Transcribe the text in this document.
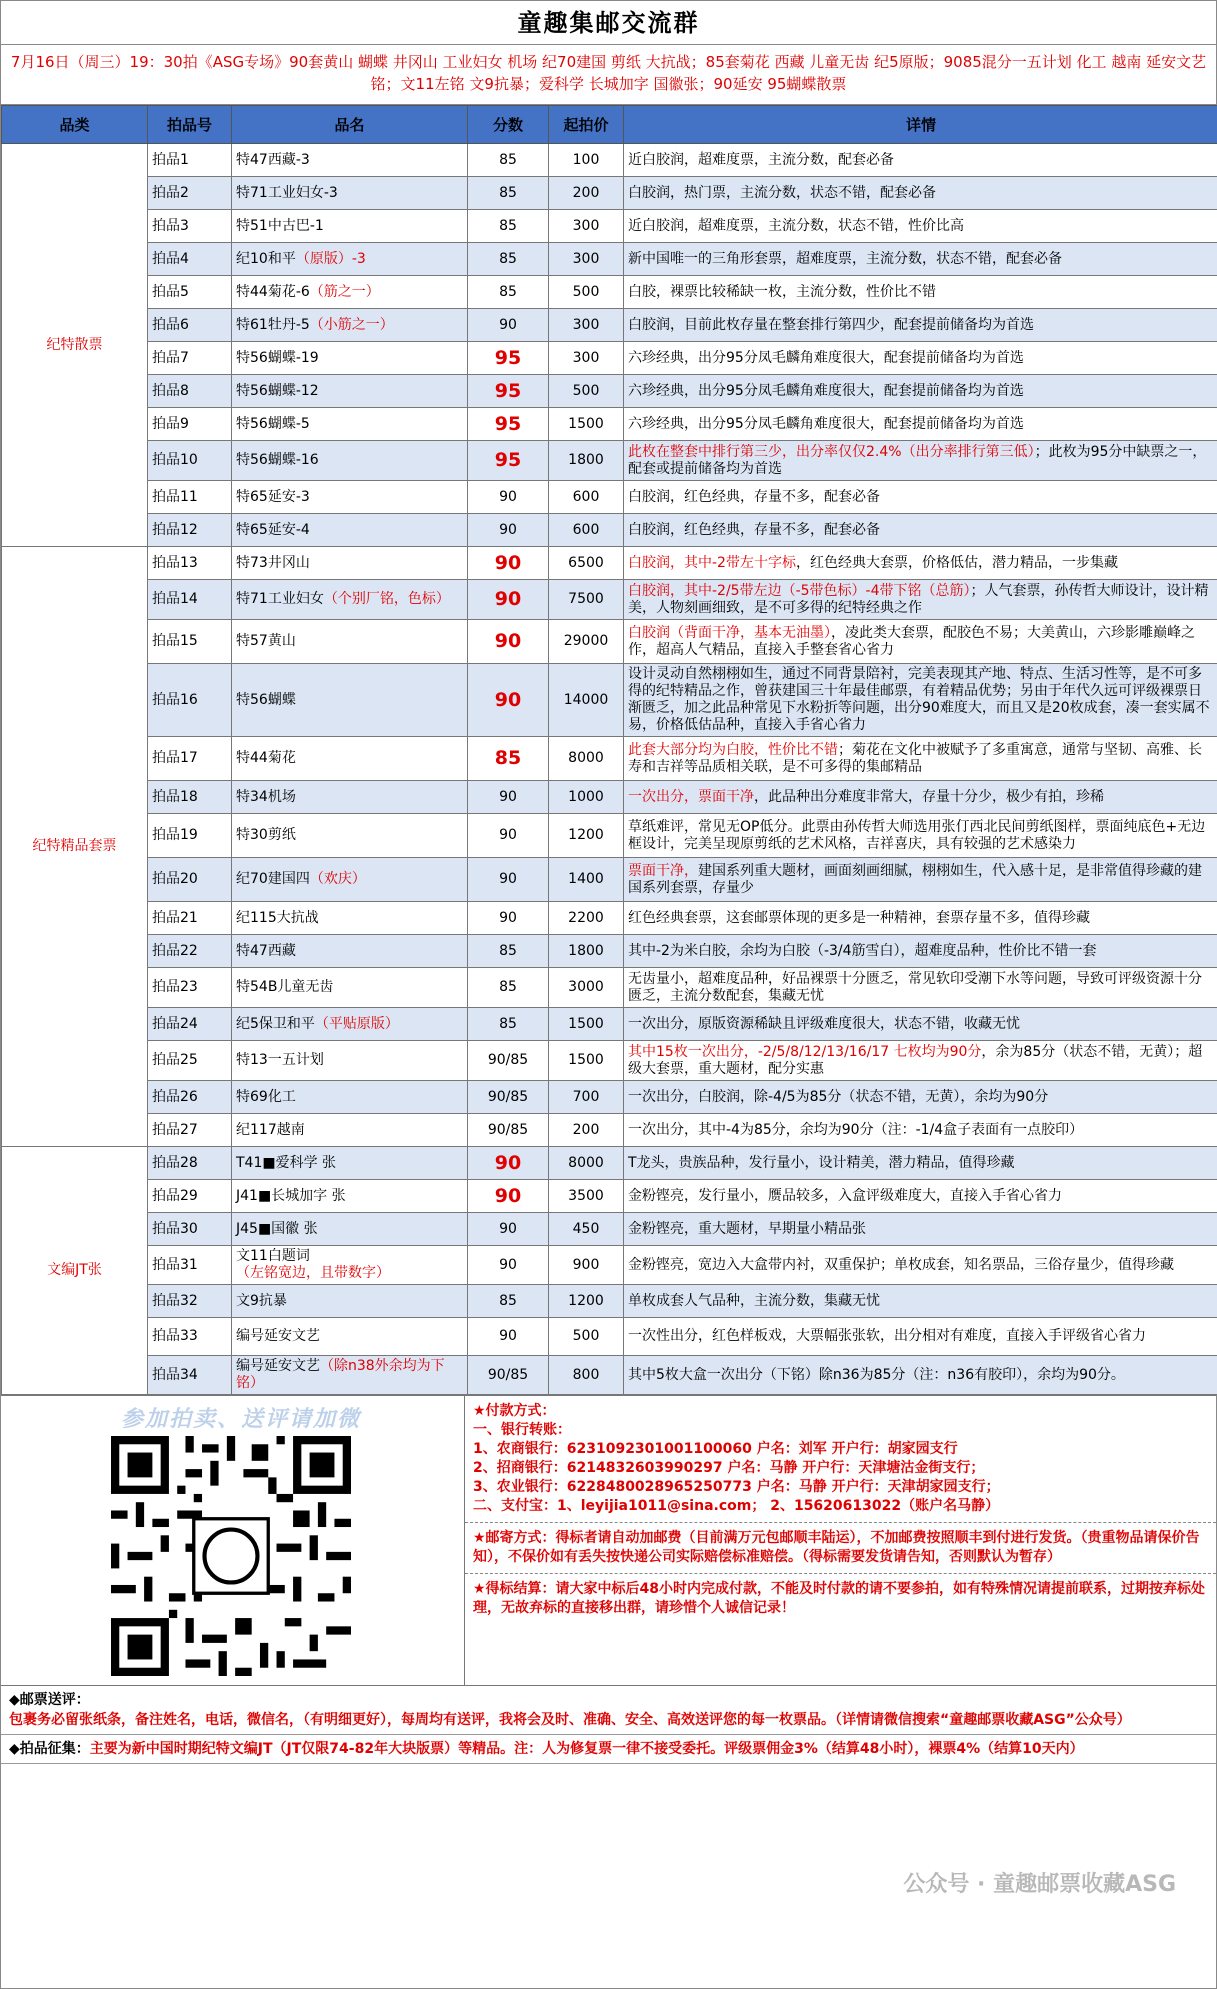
童趣集邮交流群
7月16日（周三）19：30拍《ASG专场》90套黄山 蝴蝶 井冈山 工业妇女 机场 纪70建国 剪纸 大抗战；85套菊花 西藏 儿童无齿 纪5原版；9085混分一五计划 化工 越南 延安文艺铭；文11左铭 文9抗暴；爱科学 长城加字 国徽张；90延安 95蝴蝶散票
品类	拍品号	品名	分数	起拍价	详情
纪特散票	拍品1	特47西藏-3	85	100	近白胶润，超难度票，主流分数，配套必备
	拍品2	特71工业妇女-3	85	200	白胶润，热门票，主流分数，状态不错，配套必备
	拍品3	特51中古巴-1	85	300	近白胶润，超难度票，主流分数，状态不错，性价比高
	拍品4	纪10和平（原版）-3	85	300	新中国唯一的三角形套票，超难度票，主流分数，状态不错，配套必备
	拍品5	特44菊花-6（筋之一）	85	500	白胶，裸票比较稀缺一枚，主流分数，性价比不错
	拍品6	特61牡丹-5（小筋之一）	90	300	白胶润，目前此枚存量在整套排行第四少，配套提前储备均为首选
	拍品7	特56蝴蝶-19	95	300	六珍经典，出分95分凤毛麟角难度很大，配套提前储备均为首选
	拍品8	特56蝴蝶-12	95	500	六珍经典，出分95分凤毛麟角难度很大，配套提前储备均为首选
	拍品9	特56蝴蝶-5	95	1500	六珍经典，出分95分凤毛麟角难度很大，配套提前储备均为首选
	拍品10	特56蝴蝶-16	95	1800	此枚在整套中排行第三少，出分率仅仅2.4%（出分率排行第三低）；此枚为95分中缺票之一，配套或提前储备均为首选
	拍品11	特65延安-3	90	600	白胶润，红色经典，存量不多，配套必备
	拍品12	特65延安-4	90	600	白胶润，红色经典，存量不多，配套必备
纪特精品套票	拍品13	特73井冈山	90	6500	白胶润，其中-2带左十字标，红色经典大套票，价格低估，潜力精品，一步集藏
	拍品14	特71工业妇女（个别厂铭，色标）	90	7500	白胶润，其中-2/5带左边（-5带色标）-4带下铭（总筋）；人气套票，孙传哲大师设计，设计精美，人物刻画细致，是不可多得的纪特经典之作
	拍品15	特57黄山	90	29000	白胶润（背面干净，基本无油墨），凌此类大套票，配胶色不易；大美黄山，六珍影雕巅峰之作，超高人气精品，直接入手整套省心省力
	拍品16	特56蝴蝶	90	14000	设计灵动自然栩栩如生，通过不同背景陪衬，完美表现其产地、特点、生活习性等，是不可多得的纪特精品之作，曾获建国三十年最佳邮票，有着精品优势；另由于年代久远可评级裸票日渐匮乏，加之此品种常见下水粉折等问题，出分90难度大，而且又是20枚成套，凑一套实属不易，价格低估品种，直接入手省心省力
	拍品17	特44菊花	85	8000	此套大部分均为白胶，性价比不错；菊花在文化中被赋予了多重寓意，通常与坚韧、高雅、长寿和吉祥等品质相关联，是不可多得的集邮精品
	拍品18	特34机场	90	1000	一次出分，票面干净，此品种出分难度非常大，存量十分少，极少有拍，珍稀
	拍品19	特30剪纸	90	1200	草纸难评，常见无OP低分。此票由孙传哲大师选用张仃西北民间剪纸图样，票面纯底色+无边框设计，完美呈现原剪纸的艺术风格，吉祥喜庆，具有较强的艺术感染力
	拍品20	纪70建国四（欢庆）	90	1400	票面干净，建国系列重大题材，画面刻画细腻，栩栩如生，代入感十足，是非常值得珍藏的建国系列套票，存量少
	拍品21	纪115大抗战	90	2200	红色经典套票，这套邮票体现的更多是一种精神，套票存量不多，值得珍藏
	拍品22	特47西藏	85	1800	其中-2为米白胶，余均为白胶（-3/4筋雪白），超难度品种，性价比不错一套
	拍品23	特54B儿童无齿	85	3000	无齿量小，超难度品种，好品裸票十分匮乏，常见软印受潮下水等问题，导致可评级资源十分匮乏，主流分数配套，集藏无忧
	拍品24	纪5保卫和平（平贴原版）	85	1500	一次出分，原版资源稀缺且评级难度很大，状态不错，收藏无忧
	拍品25	特13一五计划	90/85	1500	其中15枚一次出分，-2/5/8/12/13/16/17 七枚均为90分，余为85分（状态不错，无黄）；超级大套票，重大题材，配分实惠
	拍品26	特69化工	90/85	700	一次出分，白胶润，除-4/5为85分（状态不错，无黄），余均为90分
	拍品27	纪117越南	90/85	200	一次出分，其中-4为85分，余均为90分（注：-1/4盒子表面有一点胶印）
文编JT张	拍品28	T41■爱科学 张	90	8000	T龙头，贵族品种，发行量小，设计精美，潜力精品，值得珍藏
	拍品29	J41■长城加字 张	90	3500	金粉铿亮，发行量小，赝品较多，入盒评级难度大，直接入手省心省力
	拍品30	J45■国徽 张	90	450	金粉铿亮，重大题材，早期量小精品张
	拍品31	文11白题词（左铭宽边，且带数字）	90	900	金粉铿亮，宽边入大盒带内衬，双重保护；单枚成套，知名票品，三俗存量少，值得珍藏
	拍品32	文9抗暴	85	1200	单枚成套人气品种，主流分数，集藏无忧
	拍品33	编号延安文艺	90	500	一次性出分，红色样板戏，大票幅张张软，出分相对有难度，直接入手评级省心省力
	拍品34	编号延安文艺（除n38外余均为下铭）	90/85	800	其中5枚大盒一次出分（下铭）除n36为85分（注：n36有胶印），余均为90分。
参加拍卖、送评请加微	★付款方式：
一、银行转账：
1、农商银行：6231092301001100060 户名：刘军 开户行：胡家园支行
2、招商银行：6214832603990297 户名：马静 开户行：天津塘沽金街支行；
3、农业银行：6228480028965250773 户名：马静 开户行：天津胡家园支行；
二、支付宝：1、leyijia1011@sina.com； 2、15620613022（账户名马静）
★邮寄方式：得标者请自动加邮费（目前满万元包邮顺丰陆运），不加邮费按照顺丰到付进行发货。（贵重物品请保价告知），不保价如有丢失按快递公司实际赔偿标准赔偿。（得标需要发货请告知，否则默认为暂存）
★得标结算：请大家中标后48小时内完成付款，不能及时付款的请不要参拍，如有特殊情况请提前联系，过期按弃标处理，无故弃标的直接移出群，请珍惜个人诚信记录！
◆邮票送评：包裹务必留张纸条，备注姓名，电话，微信名，（有明细更好），每周均有送评，我将会及时、准确、安全、高效送评您的每一枚票品。（详情请微信搜索“童趣邮票收藏ASG”公众号）
◆拍品征集：主要为新中国时期纪特文编JT（JT仅限74-82年大块版票）等精品。注：人为修复票一律不接受委托。评级票佣金3%（结算48小时），裸票4%（结算10天内）
公众号 · 童趣邮票收藏ASG
